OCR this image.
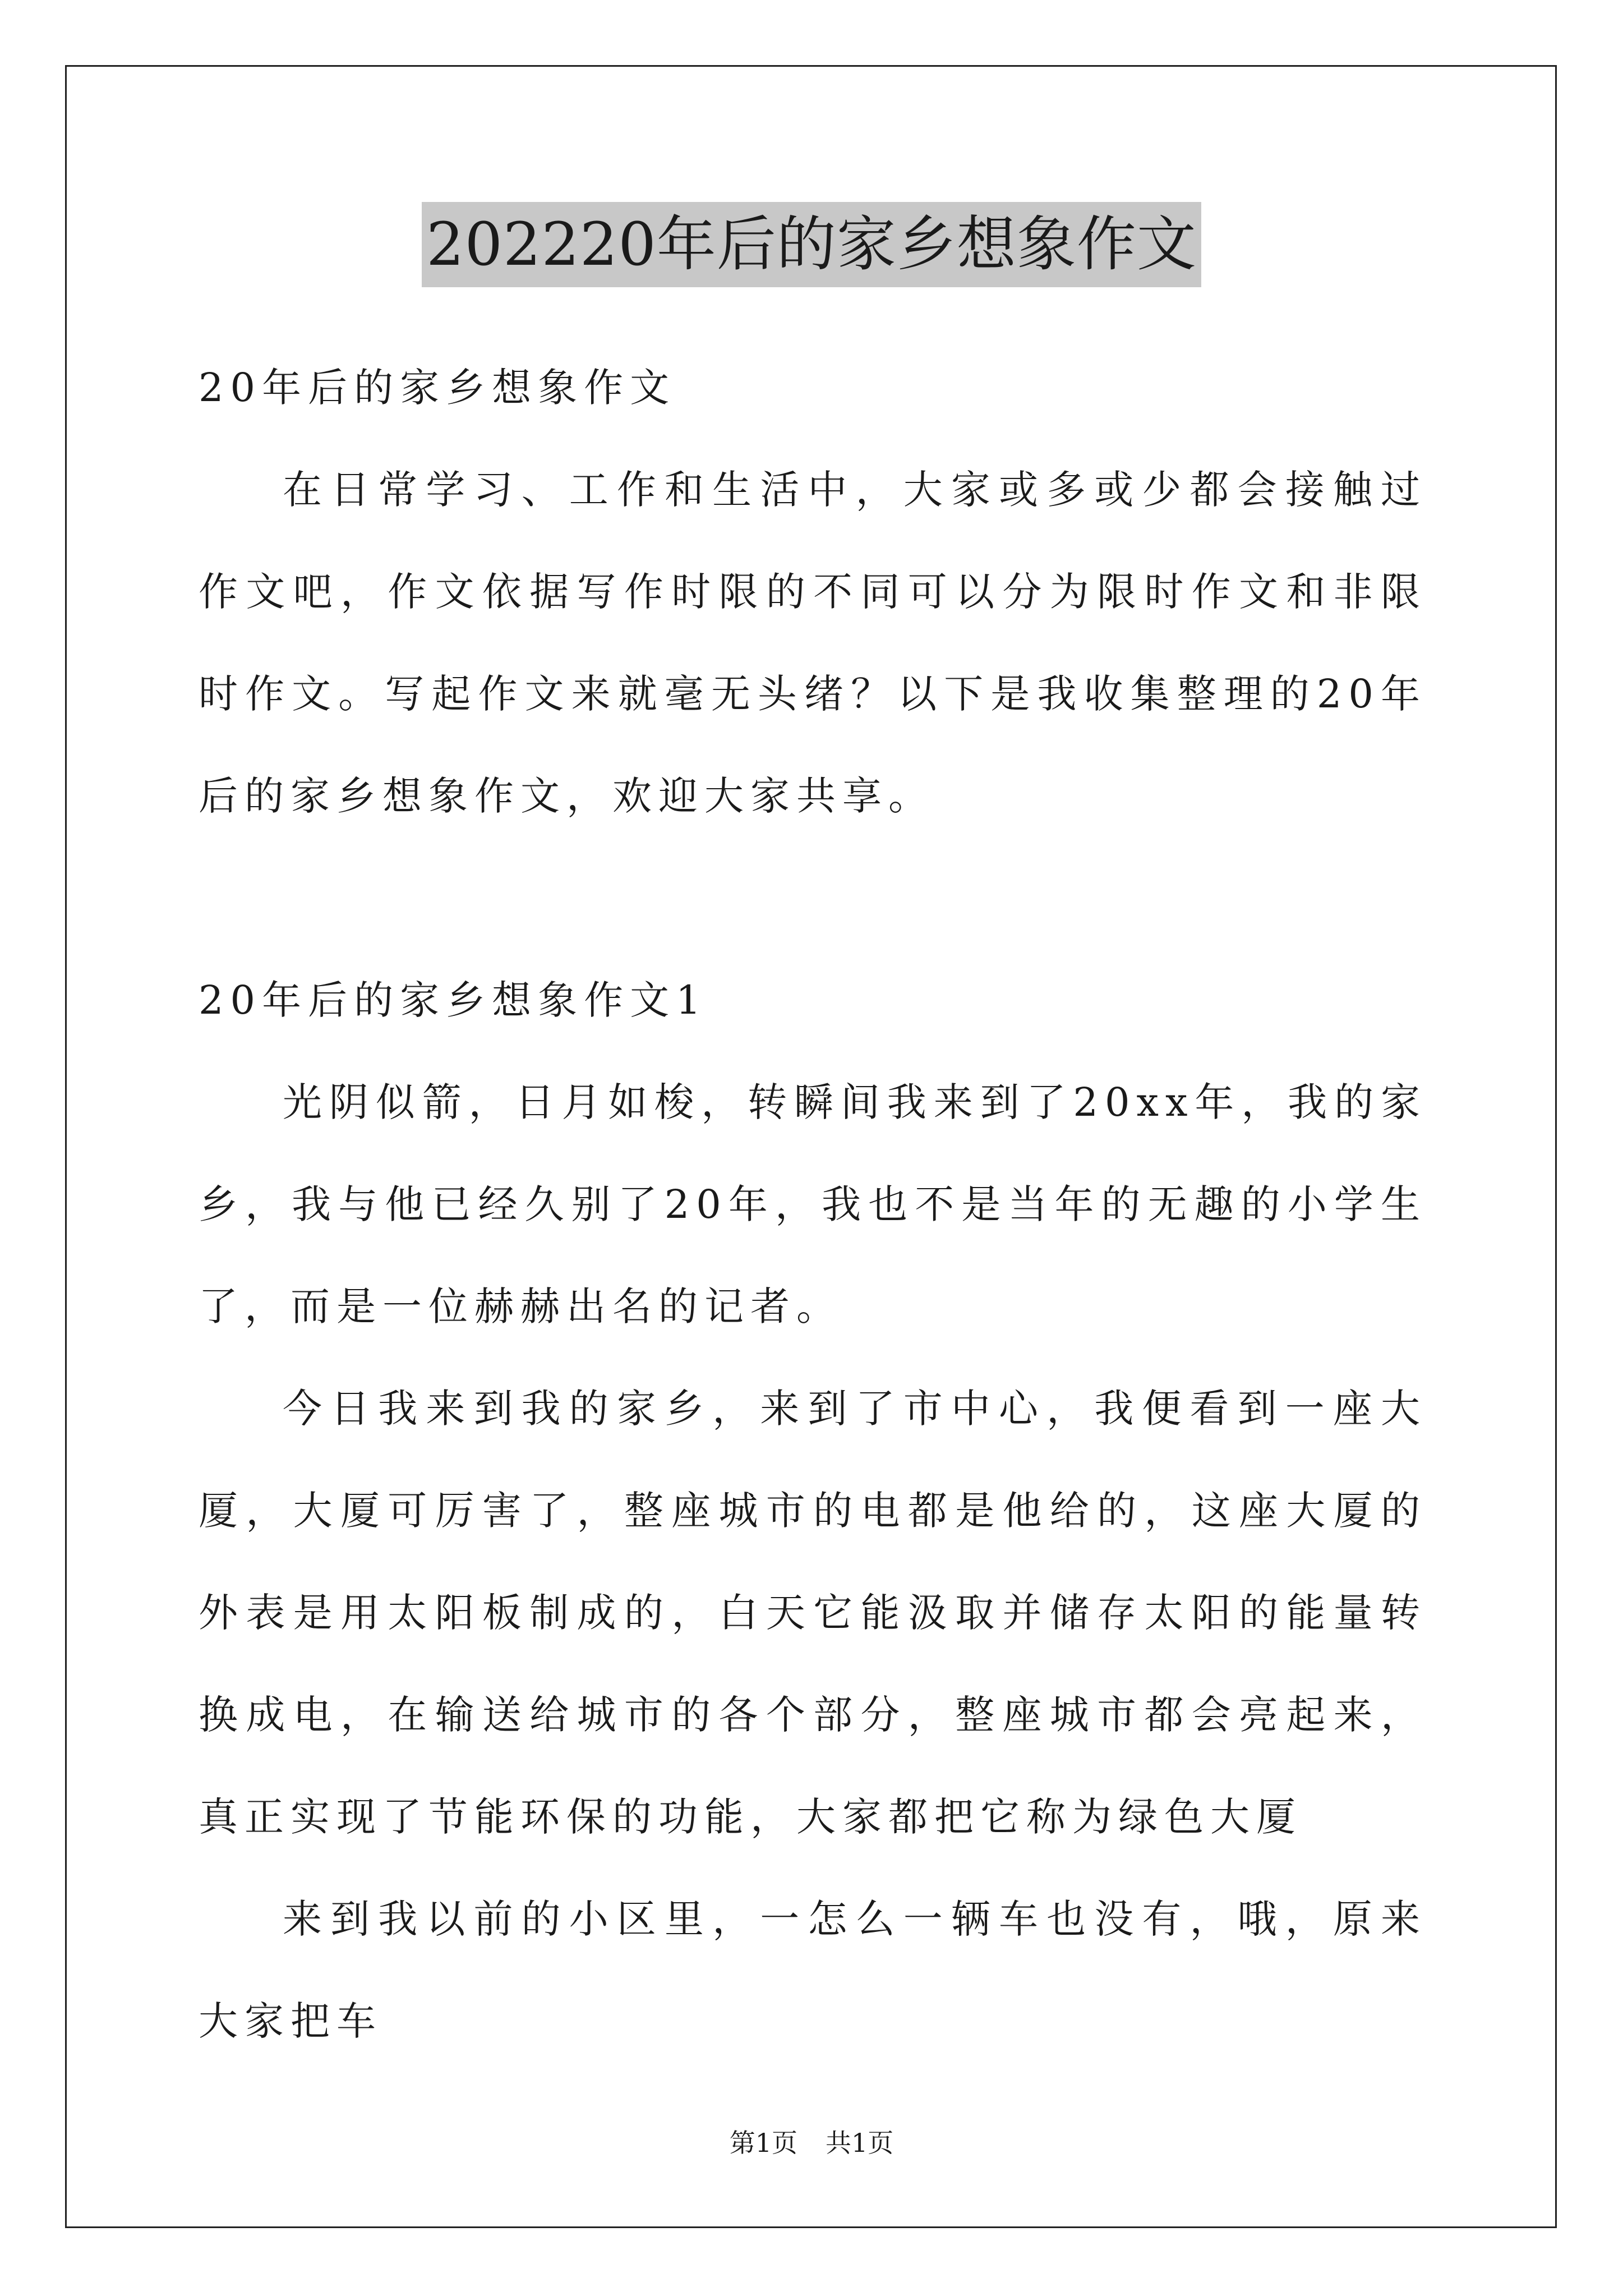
202220年后的家乡想象作文

20年后的家乡想象作文

在日常学习、工作和生活中，大家或多或少都会接触过作文吧，作文依据写作时限的不同可以分为限时作文和非限时作文。写起作文来就毫无头绪？以下是我收集整理的20年后的家乡想象作文，欢迎大家共享。

20年后的家乡想象作文1

光阴似箭，日月如梭，转瞬间我来到了20xx年，我的家乡，我与他已经久别了20年，我也不是当年的无趣的小学生了，而是一位赫赫出名的记者。

今日我来到我的家乡，来到了市中心，我便看到一座大厦，大厦可厉害了，整座城市的电都是他给的，这座大厦的外表是用太阳板制成的，白天它能汲取并储存太阳的能量转换成电，在输送给城市的各个部分，整座城市都会亮起来，真正实现了节能环保的功能，大家都把它称为绿色大厦

来到我以前的小区里，一怎么一辆车也没有，哦，原来大家把车

第1页 共1页
